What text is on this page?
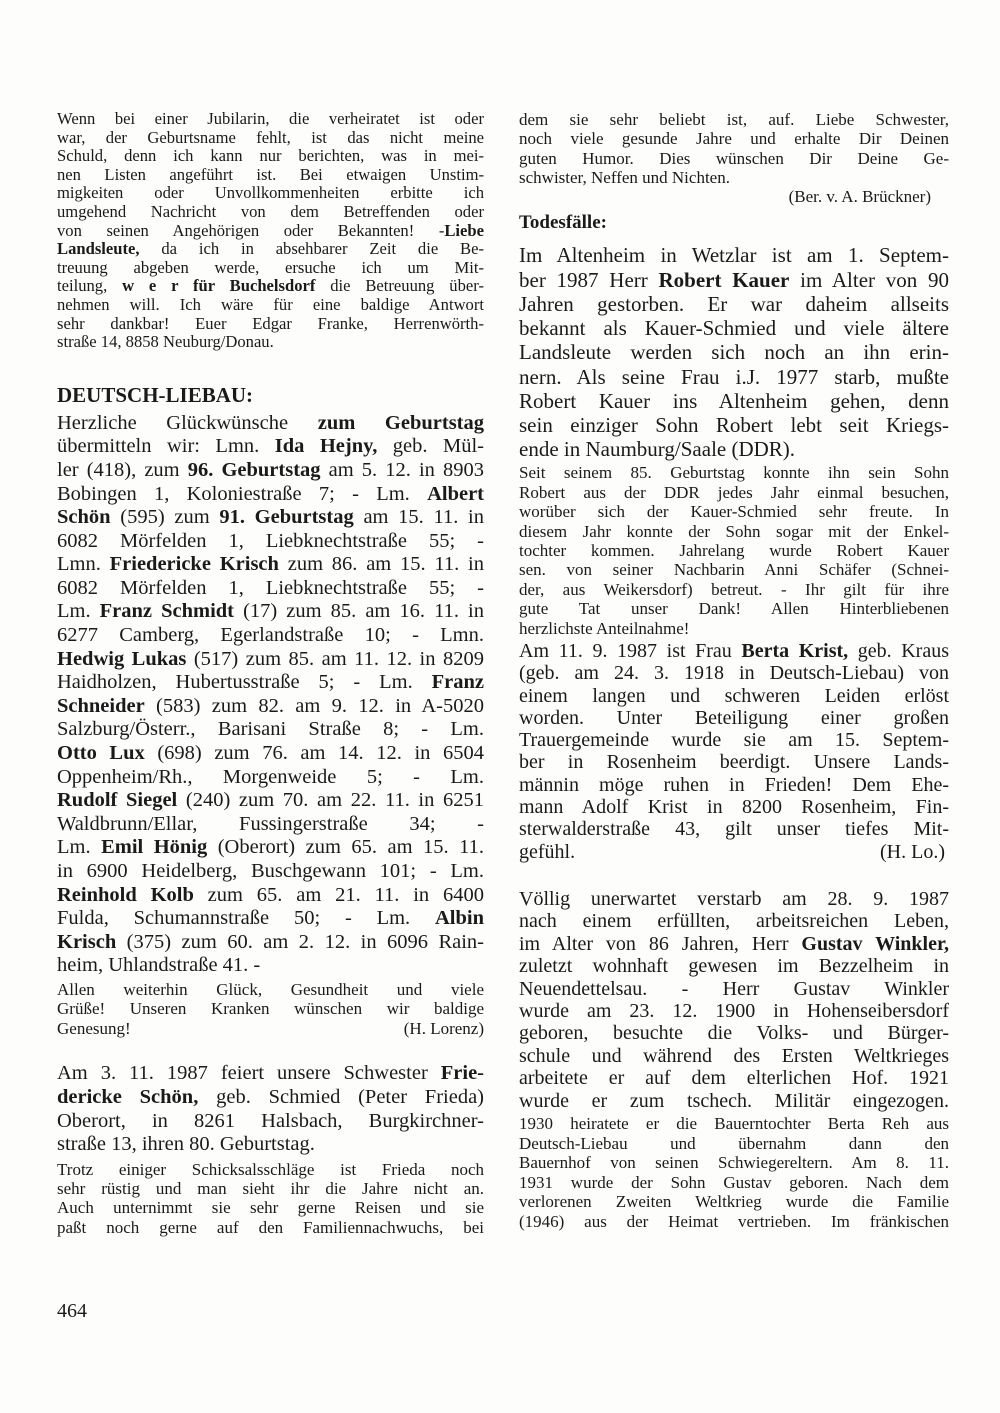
Wenn bei einer Jubilarin, die verheiratet ist oder
war, der Geburtsname fehlt, ist das nicht meine
Schuld, denn ich kann nur berichten, was in mei-
nen Listen angeführt ist. Bei etwaigen Unstim-
migkeiten oder Unvollkommenheiten erbitte ich
umgehend Nachricht von dem Betreffenden oder
von seinen Angehörigen oder Bekannten! -Liebe
Landsleute, da ich in absehbarer Zeit die Be-
treuung abgeben werde, ersuche ich um Mit-
teilung, w e r für Buchelsdorf die Betreuung über-
nehmen will. Ich wäre für eine baldige Antwort
sehr dankbar! Euer Edgar Franke, Herrenwörth-
straße 14, 8858 Neuburg/Donau.
DEUTSCH-LIEBAU:
Herzliche Glückwünsche zum Geburtstag
übermitteln wir: Lmn. Ida Hejny, geb. Mül-
ler (418), zum 96. Geburtstag am 5. 12. in 8903
Bobingen 1, Koloniestraße 7; - Lm. Albert
Schön (595) zum 91. Geburtstag am 15. 11. in
6082 Mörfelden 1, Liebknechtstraße 55; -
Lmn. Friedericke Krisch zum 86. am 15. 11. in
6082 Mörfelden 1, Liebknechtstraße 55; -
Lm. Franz Schmidt (17) zum 85. am 16. 11. in
6277 Camberg, Egerlandstraße 10; - Lmn.
Hedwig Lukas (517) zum 85. am 11. 12. in 8209
Haidholzen, Hubertusstraße 5; - Lm. Franz
Schneider (583) zum 82. am 9. 12. in A-5020
Salzburg/Österr., Barisani Straße 8; - Lm.
Otto Lux (698) zum 76. am 14. 12. in 6504
Oppenheim/Rh., Morgenweide 5; - Lm.
Rudolf Siegel (240) zum 70. am 22. 11. in 6251
Waldbrunn/Ellar, Fussingerstraße 34; -
Lm. Emil Hönig (Oberort) zum 65. am 15. 11.
in 6900 Heidelberg, Buschgewann 101; - Lm.
Reinhold Kolb zum 65. am 21. 11. in 6400
Fulda, Schumannstraße 50; - Lm. Albin
Krisch (375) zum 60. am 2. 12. in 6096 Rain-
heim, Uhlandstraße 41. -
Allen weiterhin Glück, Gesundheit und viele
Grüße! Unseren Kranken wünschen wir baldige
Genesung!	(H. Lorenz)
Am 3. 11. 1987 feiert unsere Schwester Frie-
dericke Schön, geb. Schmied (Peter Frieda)
Oberort, in 8261 Halsbach, Burgkirchner-
straße 13, ihren 80. Geburtstag.
Trotz einiger Schicksalsschläge ist Frieda noch
sehr rüstig und man sieht ihr die Jahre nicht an.
Auch unternimmt sie sehr gerne Reisen und sie
paßt noch gerne auf den Familiennachwuchs, bei
dem sie sehr beliebt ist, auf. Liebe Schwester,
noch viele gesunde Jahre und erhalte Dir Deinen
guten Humor. Dies wünschen Dir Deine Ge-
schwister, Neffen und Nichten.
(Ber. v. A. Brückner)
Todesfälle:
Im Altenheim in Wetzlar ist am 1. Septem-
ber 1987 Herr Robert Kauer im Alter von 90
Jahren gestorben. Er war daheim allseits
bekannt als Kauer-Schmied und viele ältere
Landsleute werden sich noch an ihn erin-
nern. Als seine Frau i.J. 1977 starb, mußte
Robert Kauer ins Altenheim gehen, denn
sein einziger Sohn Robert lebt seit Kriegs-
ende in Naumburg/Saale (DDR).
Seit seinem 85. Geburtstag konnte ihn sein Sohn
Robert aus der DDR jedes Jahr einmal besuchen,
worüber sich der Kauer-Schmied sehr freute. In
diesem Jahr konnte der Sohn sogar mit der Enkel-
tochter kommen. Jahrelang wurde Robert Kauer
sen. von seiner Nachbarin Anni Schäfer (Schnei-
der, aus Weikersdorf) betreut. - Ihr gilt für ihre
gute Tat unser Dank! Allen Hinterbliebenen
herzlichste Anteilnahme!
Am 11. 9. 1987 ist Frau Berta Krist, geb. Kraus
(geb. am 24. 3. 1918 in Deutsch-Liebau) von
einem langen und schweren Leiden erlöst
worden. Unter Beteiligung einer großen
Trauergemeinde wurde sie am 15. Septem-
ber in Rosenheim beerdigt. Unsere Lands-
männin möge ruhen in Frieden! Dem Ehe-
mann Adolf Krist in 8200 Rosenheim, Fin-
sterwalderstraße 43, gilt unser tiefes Mit-
gefühl.	(H. Lo.)
Völlig unerwartet verstarb am 28. 9. 1987
nach einem erfüllten, arbeitsreichen Leben,
im Alter von 86 Jahren, Herr Gustav Winkler,
zuletzt wohnhaft gewesen im Bezzelheim in
Neuendettelsau. - Herr Gustav Winkler
wurde am 23. 12. 1900 in Hohenseibersdorf
geboren, besuchte die Volks- und Bürger-
schule und während des Ersten Weltkrieges
arbeitete er auf dem elterlichen Hof. 1921
wurde er zum tschech. Militär eingezogen.
1930 heiratete er die Bauerntochter Berta Reh aus
Deutsch-Liebau und übernahm dann den
Bauernhof von seinen Schwiegereltern. Am 8. 11.
1931 wurde der Sohn Gustav geboren. Nach dem
verlorenen Zweiten Weltkrieg wurde die Familie
(1946) aus der Heimat vertrieben. Im fränkischen
464
